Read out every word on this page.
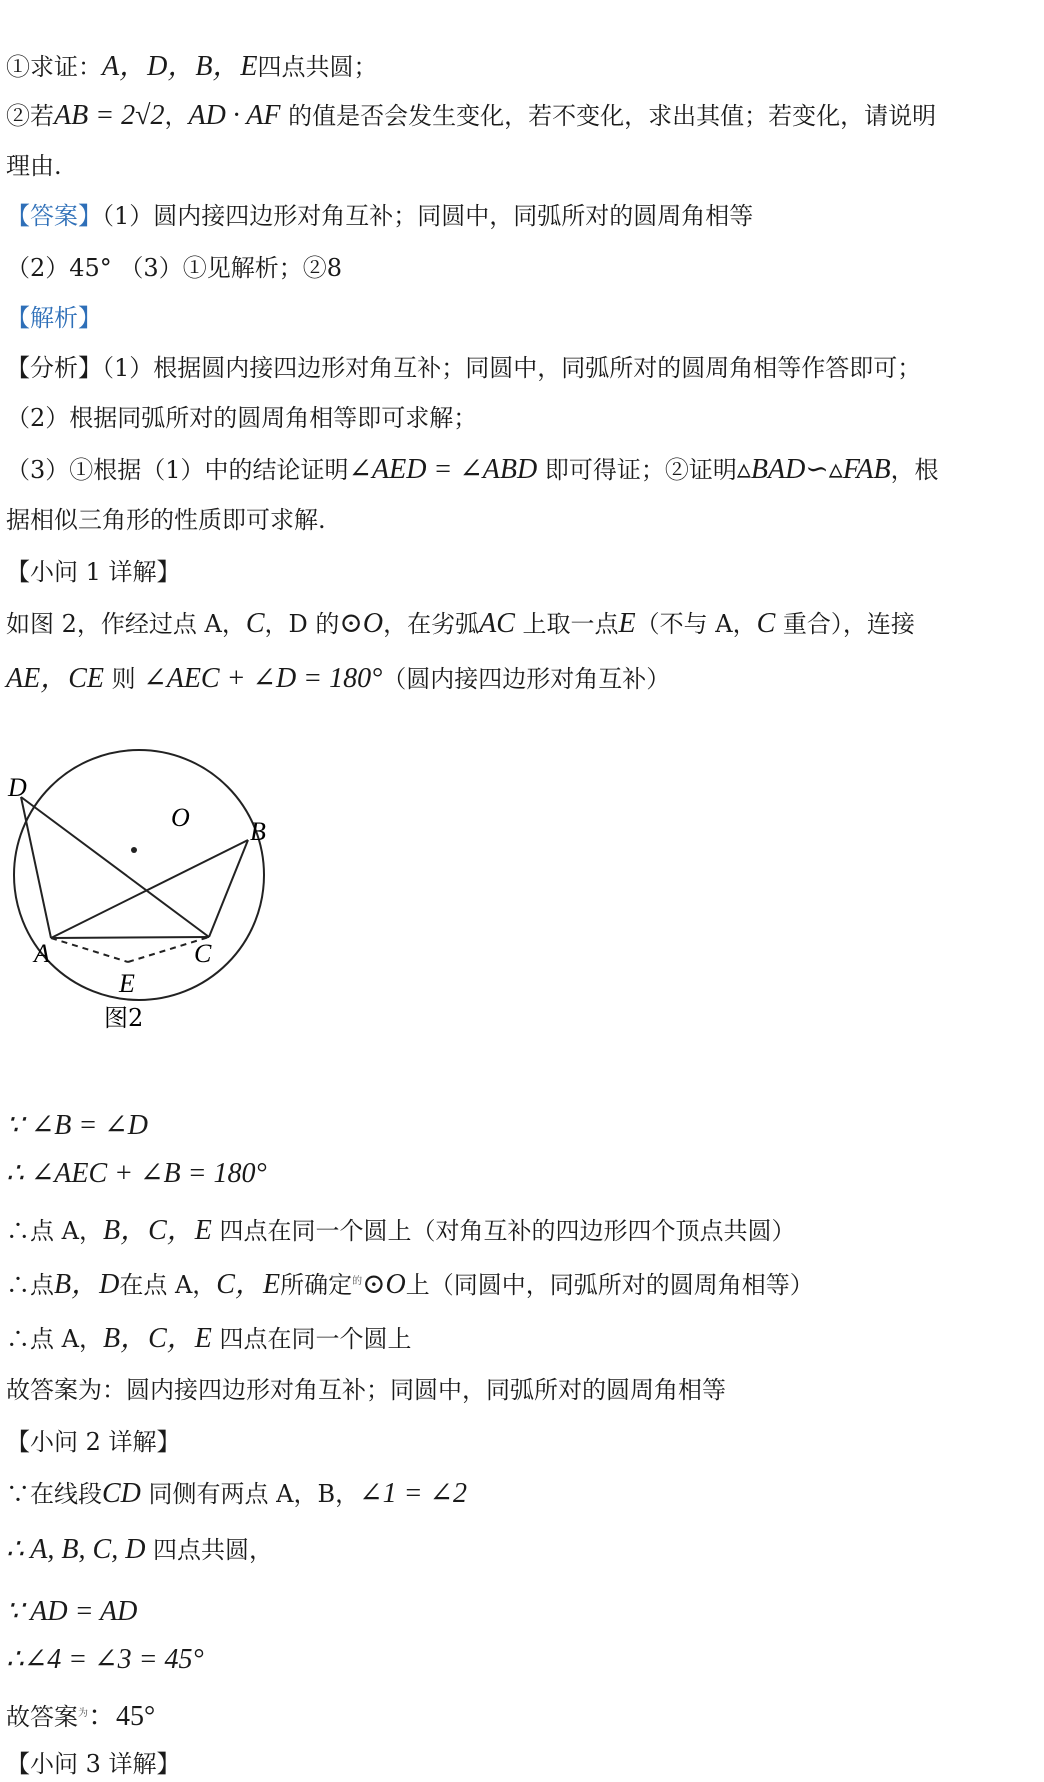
①求证：A，D，B，E四点共圆；
②若AB = 2√2，AD · AF 的值是否会发生变化，若不变化，求出其值；若变化，请说明
理由.
【答案】（1）圆内接四边形对角互补；同圆中，同弧所对的圆周角相等
（2）45° （3）①见解析；②8
【解析】
【分析】（1）根据圆内接四边形对角互补；同圆中，同弧所对的圆周角相等作答即可；
（2）根据同弧所对的圆周角相等即可求解；
（3）①根据（1）中的结论证明∠AED = ∠ABD 即可得证；②证明▵BAD∽▵FAB，根
据相似三角形的性质即可求解.
【小问 1 详解】
如图 2，作经过点 A，C，D 的⊙O，在劣弧AC 上取一点E（不与 A，C 重合），连接
AE，CE 则 ∠AEC + ∠D = 180°（圆内接四边形对角互补）
D
O B
A	C
E
图2
∵ ∠B = ∠D
∴ ∠AEC + ∠B = 180°
∴点 A，B，C，E 四点在同一个圆上（对角互补的四边形四个顶点共圆）
∴点B，D在点 A，C，E所确定$^的$⊙O上（同圆中，同弧所对的圆周角相等）
∴点 A，B，C，E 四点在同一个圆上
故答案为：圆内接四边形对角互补；同圆中，同弧所对的圆周角相等
【小问 2 详解】
∵在线段CD 同侧有两点 A，B，∠1 = ∠2
∴ A, B, C, D 四点共圆，
∵ AD = AD
∴∠4 = ∠3 = 45°
故答案$^为$：45°
【小问 3 详解】
